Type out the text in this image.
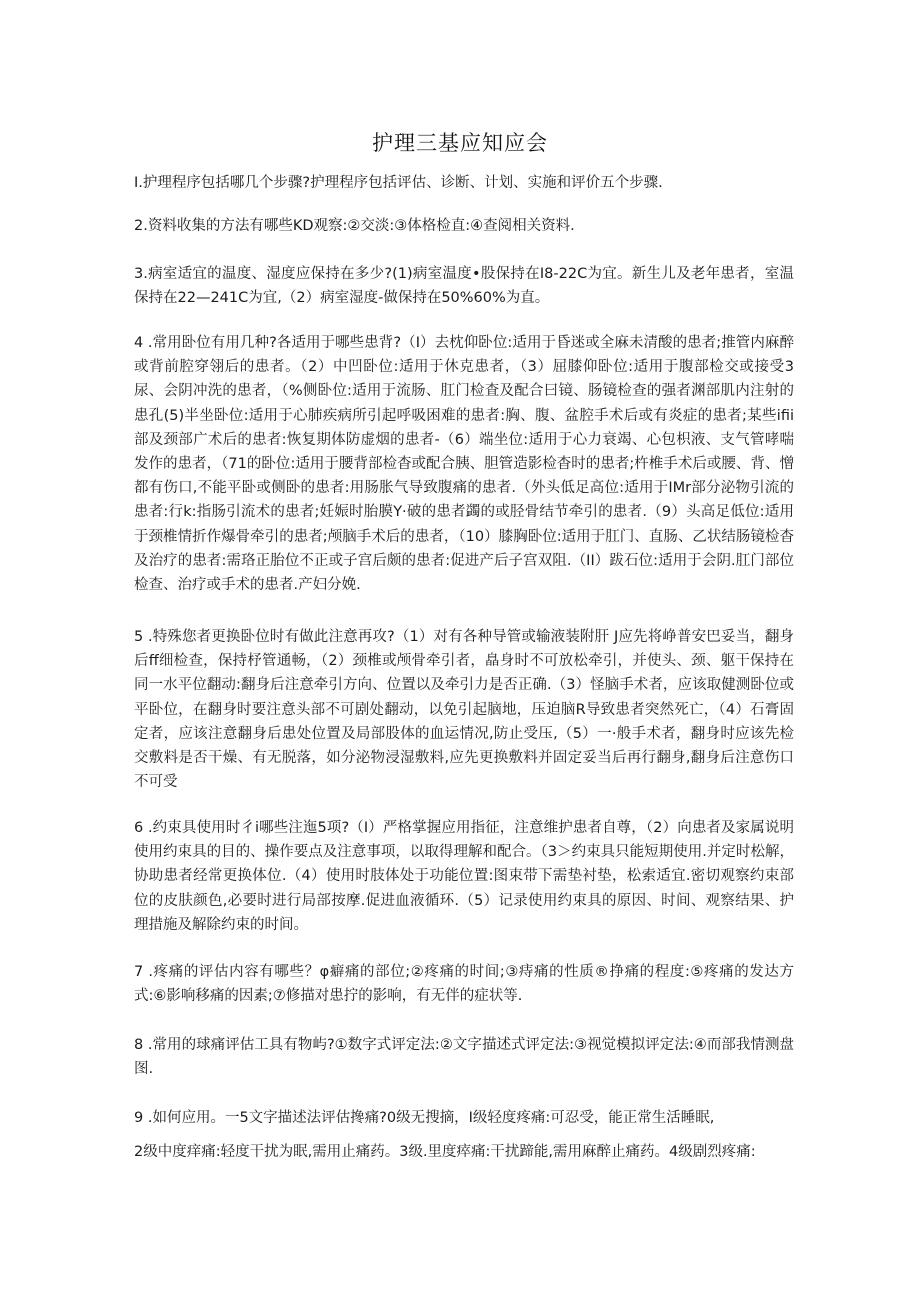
护理三基应知应会

I.护理程序包括哪几个步骤?护理程序包括评估、诊断、计划、实施和评价五个步骤.

2.资料收集的方法有哪些KD观察:②交淡:③体格检直:④查阅相关资料.

3.病室适宜的温度、湿度应保持在多少?(1)病室温度•股保持在I8-22C为宜。新生儿及老年患者，室温保持在22—241C为宜,（2）病室湿度-做保持在50%60%为直。

4 .常用卧位有用几种?各适用于哪些患背?（I）去枕仰卧位:适用于昏迷或全麻未清酸的患者;推管内麻醉或背前腔穿翎后的患者。（2）中凹卧位:适用于休克患者，（3）屈膝仰卧位:适用于腹部检交或接受3尿、会阴冲洗的患者，（%侧卧位:适用于流肠、肛门检査及配合曰镜、肠镜检查的强者渊部肌内注射的患孔(5)半坐卧位:适用于心肺疾病所引起呼吸困难的患者:胸、腹、盆腔手术后或有炎症的患者;某些ifii部及颈部广术后的患者:恢复期体防虚烟的患者-（6）端坐位:适用于心力衰竭、心包枳液、支气管哮喘发作的患者，（71的卧位:适用于腰背部检杳或配合胰、胆管造影检杳时的患者;杵椎手术后或腰、背、憎都有伤口,不能平卧或侧卧的患者:用肠胀气导致腹痛的患者.（外头低足高位:适用于IMr部分泌物引流的患者:行k:指肠引流术的患者;妊娠时胎膜Y·破的患者蠲的或胫骨结节牵引的患者.（9）头高足低位:适用于颈椎情折作爆骨牵引的患者;颅脑手术后的患者，（10）膝胸卧位:适用于肛门、直肠、乙状结肠镜检杳及治疗的患者:需珞正胎位不正或子宫后颇的患者:促进产后子宫双阻.（II）跋石位:适用于会阴.肛门部位检查、治疗或手术的患者.产妇分娩.

5 .特殊您者更换卧位时有做此注意再攻?（1）对有各种导管或输液装附肝 J应先将峥普安巴妥当，翻身后ff细检查，保持杼管通畅，（2）颈椎或颅骨牵引者，皛身时不可放松牵引，并使头、颈、躯干保持在同一水平位翻动:翻身后注意牵引方向、位置以及牵引力是否正确.（3）怪脑手术者，应该取健测卧位或平卧位，在翻身时要注意头部不可剧处翻动，以免引起脑地，压迫脑R导致患者突然死亡，（4）石膏固定者，应该注意翻身后患处位置及局部股体的血运情况,防止受压,（5）一·般手术者，翻身时应该先检交敷料是否干燥、有无脱落，如分泌物浸湿敷料,应先更换敷料并固定妥当后再行翻身,翻身后注意伤口不可受

6 .约束具使用时彳i哪些注迤5项?（I）严格掌握应用指征，注意维护患者自尊，（2）向患者及家属说明使用约束具的目的、操作要点及注意事项，以取得理解和配合。（3＞约束具只能短期使用.并定时松解，协助患者经常更换体位.（4）使用时肢体处于功能位置:图束带下需垫衬垫，松索适宜.密切观察约束部位的皮肤颜色,必要时进行局部按摩.促进血液循环.（5）记录使用约束具的原因、时间、观察结果、护理措施及解除约束的时间。

7 .疼痛的评估内容有哪些？φ癖痛的部位;②疼痛的时间;③痔痛的性质®挣痛的程度:⑤疼痛的发达方式:⑥影响移痛的因素;⑦修描对患拧的影响，有无伴的症状等.

8 .常用的球痛评估工具有物屿?①数字式评定法:②文字描述式评定法:③视觉模拟评定法:④而部我情测盘图.

9 .如何应用。一5文字描述法评估搀痛?0级无搜摘，I级轻度疼痛:可忍受，能正常生活睡眠,

2级中度痒痛:轻度干扰为眠,需用止痛药。3级.里度瘁痛:干扰蹄能,需用麻醉止痛药。4级剧烈疼痛:
